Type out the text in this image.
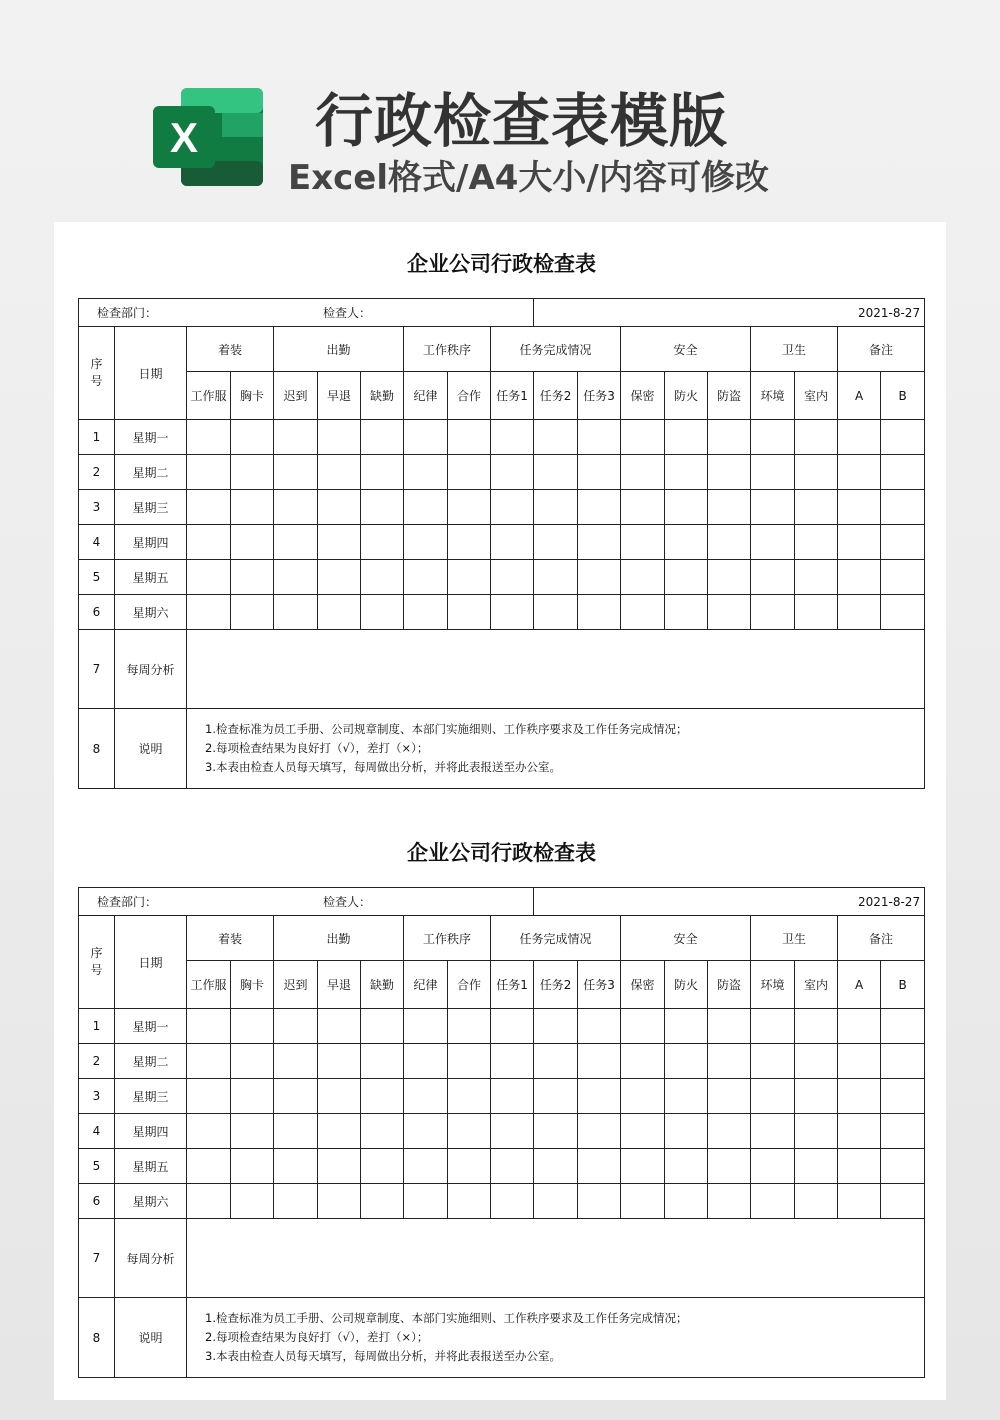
X 行政检查表模版
Excel格式/A4大小/内容可修改
企业公司行政检查表
检查部门： 检查人：										2021-8-27								
序
号	日期	着装		出勤			工作秩序		任务完成情况			安全			卫生		备注	
		工作服	胸卡	迟到	早退	缺勤	纪律	合作	任务1	任务2	任务3	保密	防火	防盗	环境	室内	A	B
1	星期一																	
2	星期二																	
3	星期三																	
4	星期四																	
5	星期五																	
6	星期六																	
7	每周分析																	
8	说明	1.检查标准为员工手册、公司规章制度、本部门实施细则、工作秩序要求及工作任务完成情况；
2.每项检查结果为良好打（√），差打（×）；
3.本表由检查人员每天填写，每周做出分析，并将此表报送至办公室。																
企业公司行政检查表
检查部门： 检查人：										2021-8-27								
序
号	日期	着装		出勤			工作秩序		任务完成情况			安全			卫生		备注	
		工作服	胸卡	迟到	早退	缺勤	纪律	合作	任务1	任务2	任务3	保密	防火	防盗	环境	室内	A	B
1	星期一																	
2	星期二																	
3	星期三																	
4	星期四																	
5	星期五																	
6	星期六																	
7	每周分析																	
8	说明	1.检查标准为员工手册、公司规章制度、本部门实施细则、工作秩序要求及工作任务完成情况；
2.每项检查结果为良好打（√），差打（×）；
3.本表由检查人员每天填写，每周做出分析，并将此表报送至办公室。																
